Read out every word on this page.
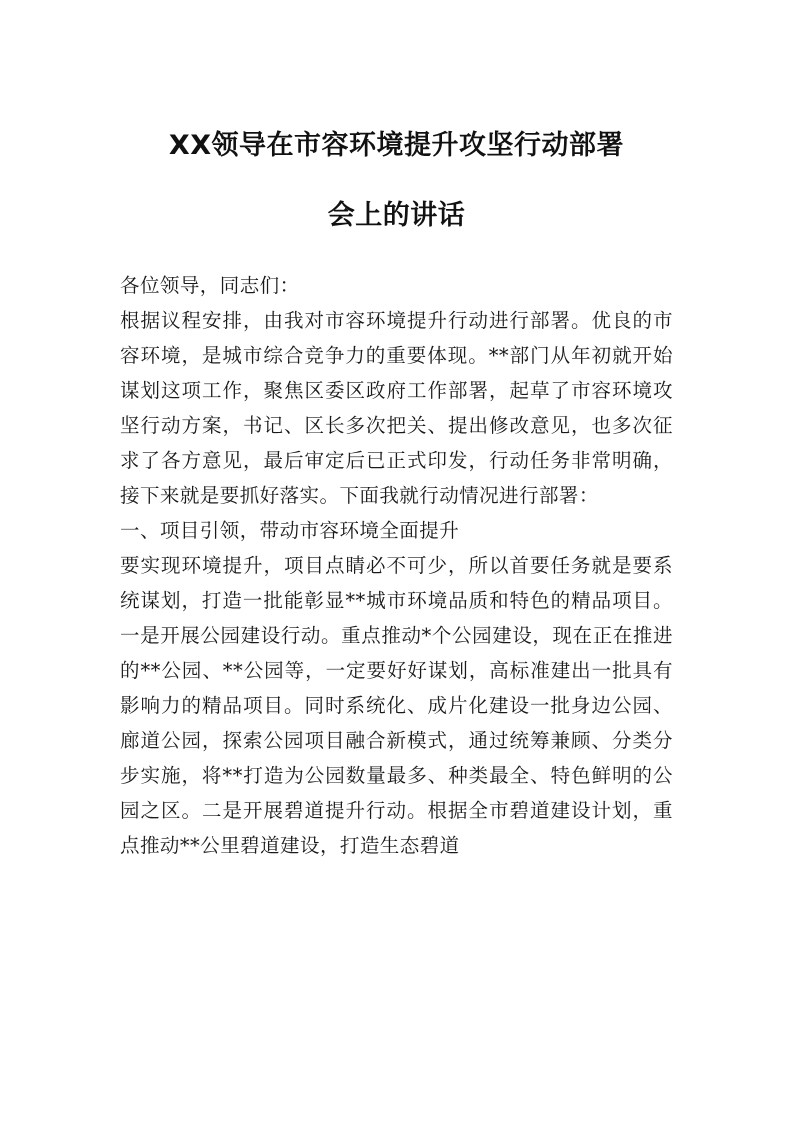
XX领导在市容环境提升攻坚行动部署
会上的讲话

各位领导，同志们：

根据议程安排，由我对市容环境提升行动进行部署。优良的市容环境，是城市综合竞争力的重要体现。**部门从年初就开始谋划这项工作，聚焦区委区政府工作部署，起草了市容环境攻坚行动方案，书记、区长多次把关、提出修改意见，也多次征求了各方意见，最后审定后已正式印发，行动任务非常明确，接下来就是要抓好落实。下面我就行动情况进行部署：

一、项目引领，带动市容环境全面提升

要实现环境提升，项目点睛必不可少，所以首要任务就是要系统谋划，打造一批能彰显**城市环境品质和特色的精品项目。一是开展公园建设行动。重点推动*个公园建设，现在正在推进的**公园、**公园等，一定要好好谋划，高标准建出一批具有影响力的精品项目。同时系统化、成片化建设一批身边公园、廊道公园，探索公园项目融合新模式，通过统筹兼顾、分类分步实施，将**打造为公园数量最多、种类最全、特色鲜明的公园之区。二是开展碧道提升行动。根据全市碧道建设计划，重点推动**公里碧道建设，打造生态碧道
